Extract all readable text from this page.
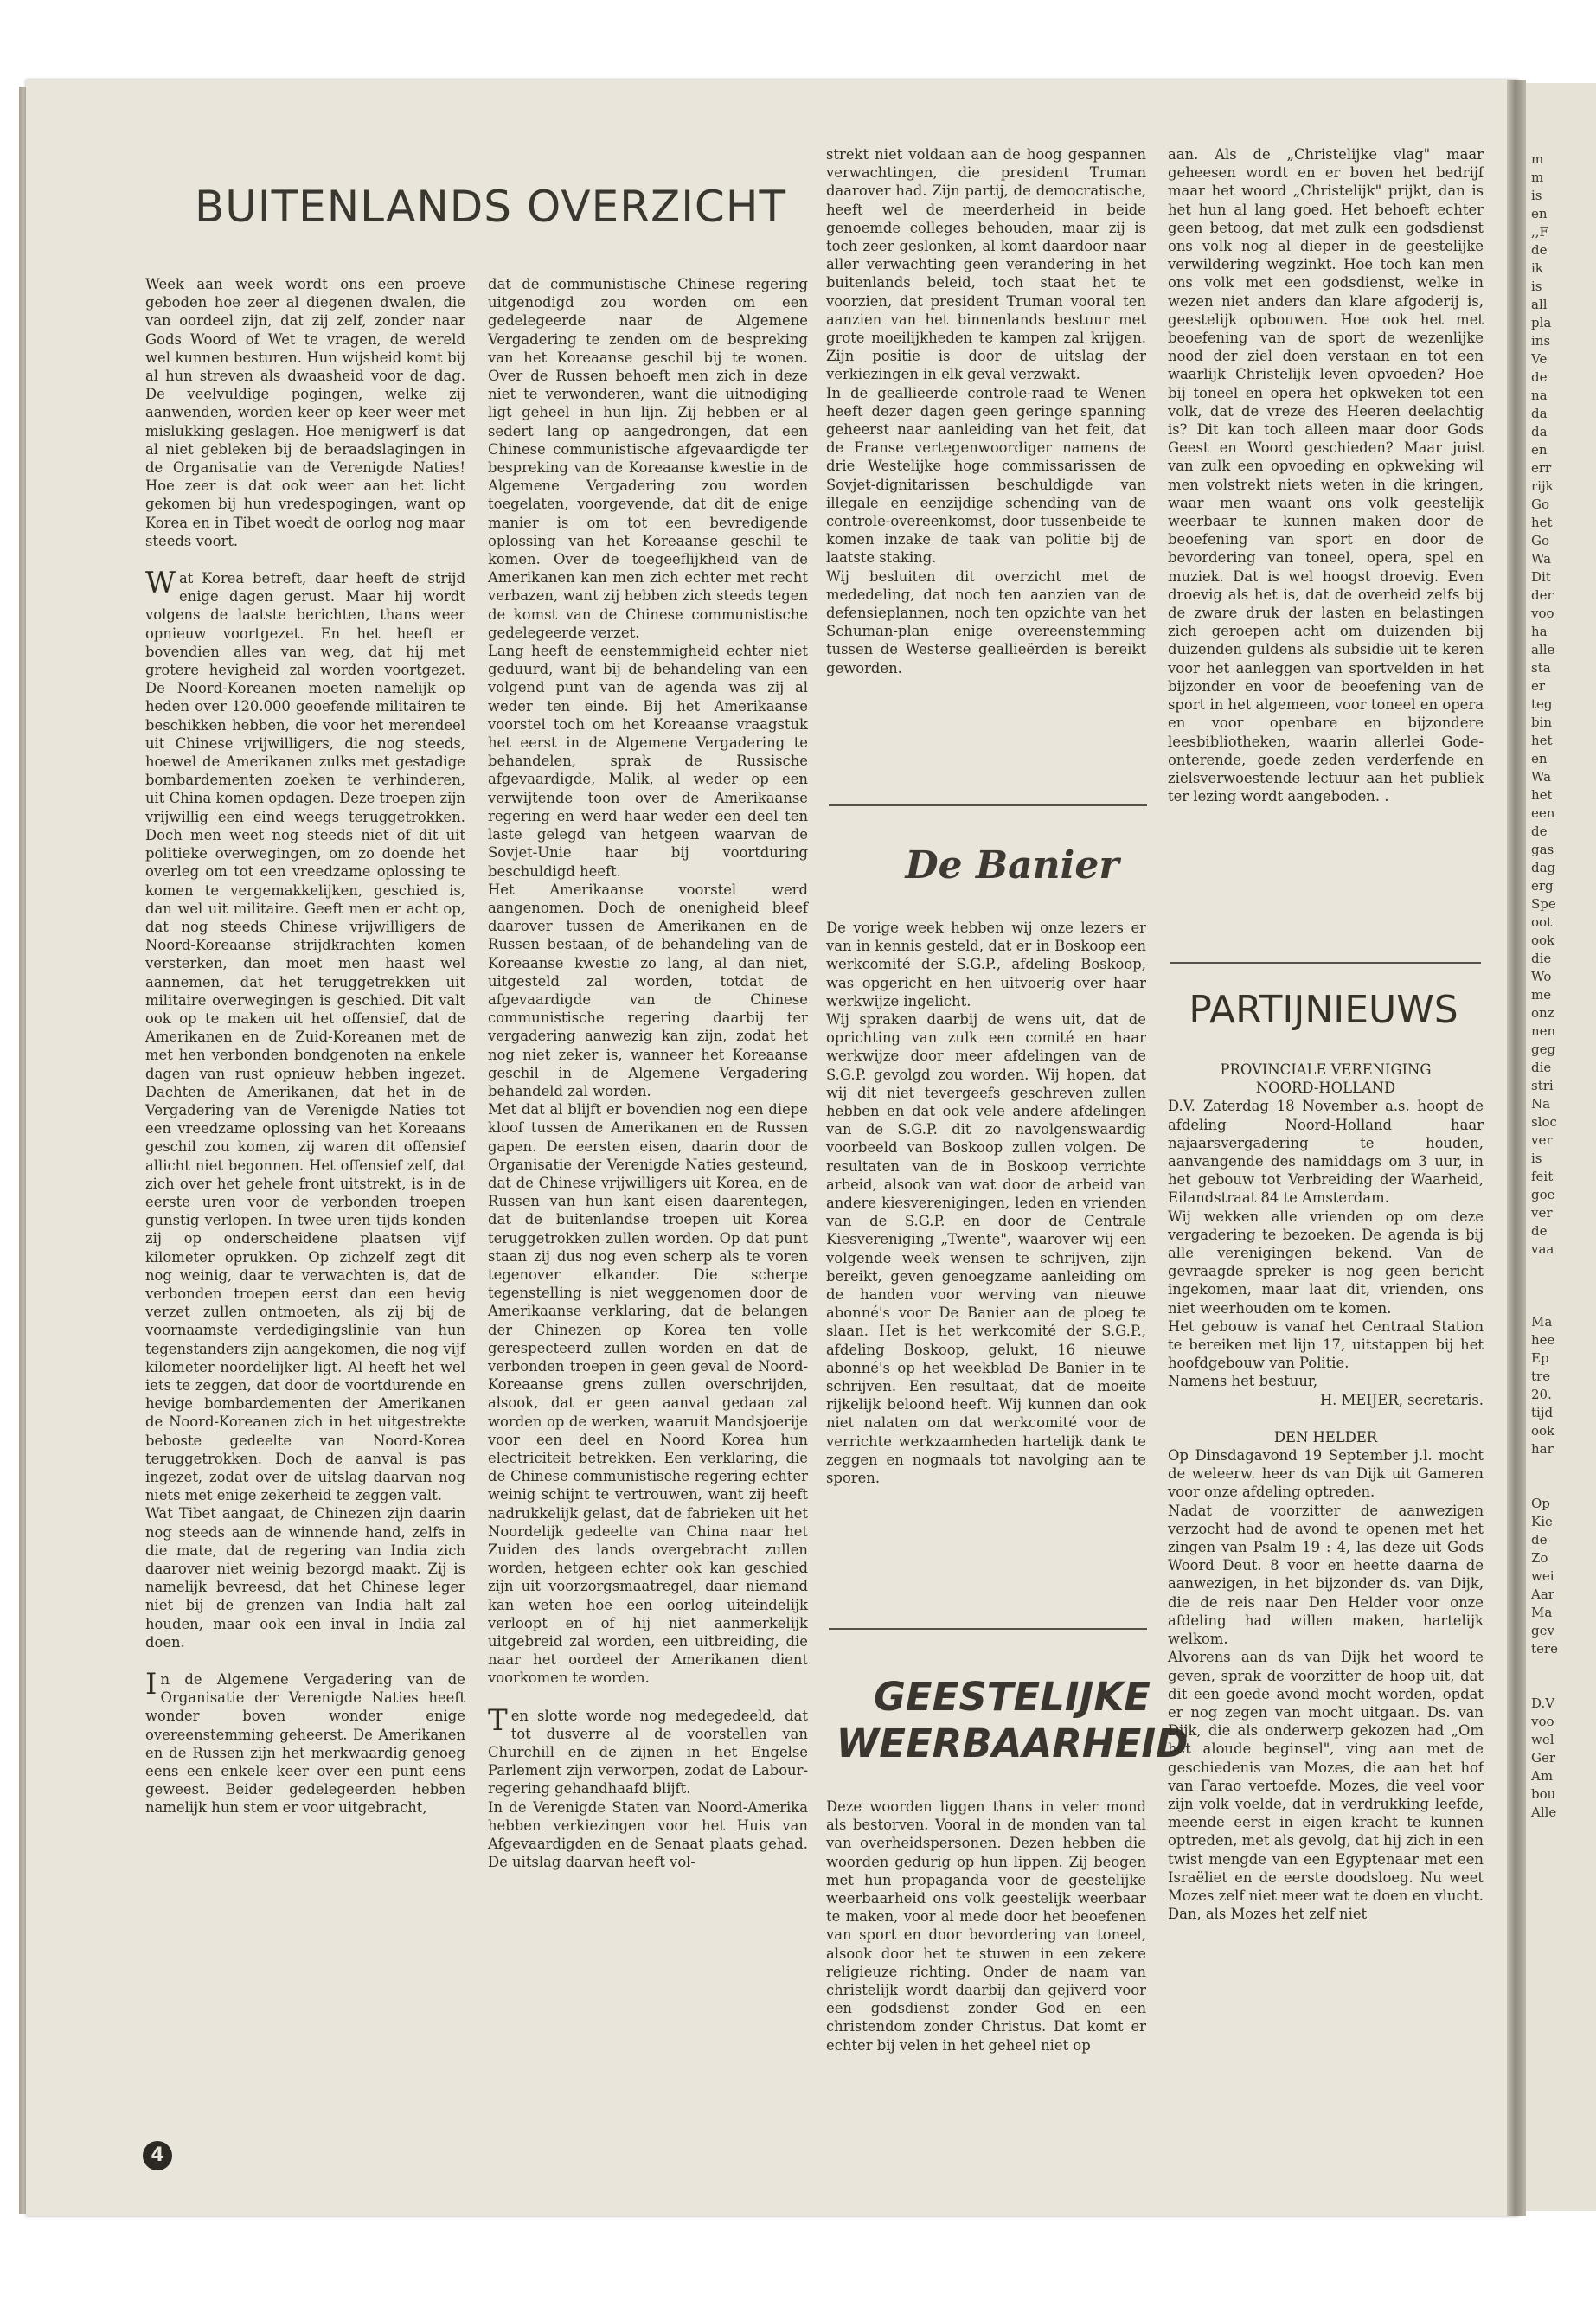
BUITENLANDS OVERZICHT

Week aan week wordt ons een proeve geboden hoe zeer al diegenen dwalen, die van oordeel zijn, dat zij zelf, zonder naar Gods Woord of Wet te vragen, de wereld wel kunnen besturen. Hun wijsheid komt bij al hun streven als dwaasheid voor de dag. De veelvuldige pogingen, welke zij aanwenden, worden keer op keer weer met mislukking geslagen. Hoe menigwerf is dat al niet gebleken bij de beraadslagingen in de Organisatie van de Verenigde Naties! Hoe zeer is dat ook weer aan het licht gekomen bij hun vredespogingen, want op Korea en in Tibet woedt de oorlog nog maar steeds voort.

Wat Korea betreft, daar heeft de strijd enige dagen gerust. Maar hij wordt volgens de laatste berichten, thans weer opnieuw voortgezet. En het heeft er bovendien alles van weg, dat hij met grotere hevigheid zal worden voortgezet. De Noord-Koreanen moeten namelijk op heden over 120.000 geoefende militairen te beschikken hebben, die voor het merendeel uit Chinese vrijwilligers, die nog steeds, hoewel de Amerikanen zulks met gestadige bombardementen zoeken te verhinderen, uit China komen opdagen. Deze troepen zijn vrijwillig een eind weegs teruggetrokken. Doch men weet nog steeds niet of dit uit politieke overwegingen, om zo doende het overleg om tot een vreedzame oplossing te komen te vergemakkelijken, geschied is, dan wel uit militaire. Geeft men er acht op, dat nog steeds Chinese vrijwilligers de Noord-Koreaanse strijdkrachten komen versterken, dan moet men haast wel aannemen, dat het teruggetrekken uit militaire overwegingen is geschied. Dit valt ook op te maken uit het offensief, dat de Amerikanen en de Zuid-Koreanen met de met hen verbonden bondgenoten na enkele dagen van rust opnieuw hebben ingezet. Dachten de Amerikanen, dat het in de Vergadering van de Verenigde Naties tot een vreedzame oplossing van het Koreaans geschil zou komen, zij waren dit offensief allicht niet begonnen. Het offensief zelf, dat zich over het gehele front uitstrekt, is in de eerste uren voor de verbonden troepen gunstig verlopen. In twee uren tijds konden zij op onderscheidene plaatsen vijf kilometer oprukken. Op zichzelf zegt dit nog weinig, daar te verwachten is, dat de verbonden troepen eerst dan een hevig verzet zullen ontmoeten, als zij bij de voornaamste verdedigingslinie van hun tegenstanders zijn aangekomen, die nog vijf kilometer noordelijker ligt. Al heeft het wel iets te zeggen, dat door de voortdurende en hevige bombardementen der Amerikanen de Noord-Koreanen zich in het uitgestrekte beboste gedeelte van Noord-Korea teruggetrokken. Doch de aanval is pas ingezet, zodat over de uitslag daarvan nog niets met enige zekerheid te zeggen valt.

Wat Tibet aangaat, de Chinezen zijn daarin nog steeds aan de winnende hand, zelfs in die mate, dat de regering van India zich daarover niet weinig bezorgd maakt. Zij is namelijk bevreesd, dat het Chinese leger niet bij de grenzen van India halt zal houden, maar ook een inval in India zal doen.

In de Algemene Vergadering van de Organisatie der Verenigde Naties heeft wonder boven wonder enige overeenstemming geheerst. De Amerikanen en de Russen zijn het merkwaardig genoeg eens een enkele keer over een punt eens geweest. Beider gedelegeerden hebben namelijk hun stem er voor uitgebracht,

dat de communistische Chinese regering uitgenodigd zou worden om een gedelegeerde naar de Algemene Vergadering te zenden om de bespreking van het Koreaanse geschil bij te wonen. Over de Russen behoeft men zich in deze niet te verwonderen, want die uitnodiging ligt geheel in hun lijn. Zij hebben er al sedert lang op aangedrongen, dat een Chinese communistische afgevaardigde ter bespreking van de Koreaanse kwestie in de Algemene Vergadering zou worden toegelaten, voorgevende, dat dit de enige manier is om tot een bevredigende oplossing van het Koreaanse geschil te komen. Over de toegeeflijkheid van de Amerikanen kan men zich echter met recht verbazen, want zij hebben zich steeds tegen de komst van de Chinese communistische gedelegeerde verzet.

Lang heeft de eenstemmigheid echter niet geduurd, want bij de behandeling van een volgend punt van de agenda was zij al weder ten einde. Bij het Amerikaanse voorstel toch om het Koreaanse vraagstuk het eerst in de Algemene Vergadering te behandelen, sprak de Russische afgevaardigde, Malik, al weder op een verwijtende toon over de Amerikaanse regering en werd haar weder een deel ten laste gelegd van hetgeen waarvan de Sovjet-Unie haar bij voortduring beschuldigd heeft.

Het Amerikaanse voorstel werd aangenomen. Doch de onenigheid bleef daarover tussen de Amerikanen en de Russen bestaan, of de behandeling van de Koreaanse kwestie zo lang, al dan niet, uitgesteld zal worden, totdat de afgevaardigde van de Chinese communistische regering daarbij ter vergadering aanwezig kan zijn, zodat het nog niet zeker is, wanneer het Koreaanse geschil in de Algemene Vergadering behandeld zal worden.

Met dat al blijft er bovendien nog een diepe kloof tussen de Amerikanen en de Russen gapen. De eersten eisen, daarin door de Organisatie der Verenigde Naties gesteund, dat de Chinese vrijwilligers uit Korea, en de Russen van hun kant eisen daarentegen, dat de buitenlandse troepen uit Korea teruggetrokken zullen worden. Op dat punt staan zij dus nog even scherp als te voren tegenover elkander. Die scherpe tegenstelling is niet weggenomen door de Amerikaanse verklaring, dat de belangen der Chinezen op Korea ten volle gerespecteerd zullen worden en dat de verbonden troepen in geen geval de Noord-Koreaanse grens zullen overschrijden, alsook, dat er geen aanval gedaan zal worden op de werken, waaruit Mandsjoerije voor een deel en Noord Korea hun electriciteit betrekken. Een verklaring, die de Chinese communistische regering echter weinig schijnt te vertrouwen, want zij heeft nadrukkelijk gelast, dat de fabrieken uit het Noordelijk gedeelte van China naar het Zuiden des lands overgebracht zullen worden, hetgeen echter ook kan geschied zijn uit voorzorgsmaatregel, daar niemand kan weten hoe een oorlog uiteindelijk verloopt en of hij niet aanmerkelijk uitgebreid zal worden, een uitbreiding, die naar het oordeel der Amerikanen dient voorkomen te worden.

Ten slotte worde nog medegedeeld, dat tot dusverre al de voorstellen van Churchill en de zijnen in het Engelse Parlement zijn verworpen, zodat de Labour-regering gehandhaafd blijft.

In de Verenigde Staten van Noord-Amerika hebben verkiezingen voor het Huis van Afgevaardigden en de Senaat plaats gehad. De uitslag daarvan heeft vol-

strekt niet voldaan aan de hoog gespannen verwachtingen, die president Truman daarover had. Zijn partij, de democratische, heeft wel de meerderheid in beide genoemde colleges behouden, maar zij is toch zeer geslonken, al komt daardoor naar aller verwachting geen verandering in het buitenlands beleid, toch staat het te voorzien, dat president Truman vooral ten aanzien van het binnenlands bestuur met grote moeilijkheden te kampen zal krijgen. Zijn positie is door de uitslag der verkiezingen in elk geval verzwakt.

In de geallieerde controle-raad te Wenen heeft dezer dagen geen geringe spanning geheerst naar aanleiding van het feit, dat de Franse vertegenwoordiger namens de drie Westelijke hoge commissarissen de Sovjet-dignitarissen beschuldigde van illegale en eenzijdige schending van de controle-overeenkomst, door tussenbeide te komen inzake de taak van politie bij de laatste staking.

Wij besluiten dit overzicht met de mededeling, dat noch ten aanzien van de defensieplannen, noch ten opzichte van het Schuman-plan enige overeenstemming tussen de Westerse geallieërden is bereikt geworden.

De Banier

De vorige week hebben wij onze lezers er van in kennis gesteld, dat er in Boskoop een werkcomité der S.G.P., afdeling Boskoop, was opgericht en hen uitvoerig over haar werkwijze ingelicht.

Wij spraken daarbij de wens uit, dat de oprichting van zulk een comité en haar werkwijze door meer afdelingen van de S.G.P. gevolgd zou worden. Wij hopen, dat wij dit niet tevergeefs geschreven zullen hebben en dat ook vele andere afdelingen van de S.G.P. dit zo navolgenswaardig voorbeeld van Boskoop zullen volgen. De resultaten van de in Boskoop verrichte arbeid, alsook van wat door de arbeid van andere kiesverenigingen, leden en vrienden van de S.G.P. en door de Centrale Kiesvereniging „Twente", waarover wij een volgende week wensen te schrijven, zijn bereikt, geven genoegzame aanleiding om de handen voor werving van nieuwe abonné's voor De Banier aan de ploeg te slaan. Het is het werkcomité der S.G.P., afdeling Boskoop, gelukt, 16 nieuwe abonné's op het weekblad De Banier in te schrijven. Een resultaat, dat de moeite rijkelijk beloond heeft. Wij kunnen dan ook niet nalaten om dat werkcomité voor de verrichte werkzaamheden hartelijk dank te zeggen en nogmaals tot navolging aan te sporen.

GEESTELIJKE
WEERBAARHEID

Deze woorden liggen thans in veler mond als bestorven. Vooral in de monden van tal van overheidspersonen. Dezen hebben die woorden gedurig op hun lippen. Zij beogen met hun propaganda voor de geestelijke weerbaarheid ons volk geestelijk weerbaar te maken, voor al mede door het beoefenen van sport en door bevordering van toneel, alsook door het te stuwen in een zekere religieuze richting. Onder de naam van christelijk wordt daarbij dan gejiverd voor een godsdienst zonder God en een christendom zonder Christus. Dat komt er echter bij velen in het geheel niet op

aan. Als de „Christelijke vlag" maar geheesen wordt en er boven het bedrijf maar het woord „Christelijk" prijkt, dan is het hun al lang goed. Het behoeft echter geen betoog, dat met zulk een godsdienst ons volk nog al dieper in de geestelijke verwildering wegzinkt. Hoe toch kan men ons volk met een godsdienst, welke in wezen niet anders dan klare afgoderij is, geestelijk opbouwen. Hoe ook het met beoefening van de sport de wezenlijke nood der ziel doen verstaan en tot een waarlijk Christelijk leven opvoeden? Hoe bij toneel en opera het opkweken tot een volk, dat de vreze des Heeren deelachtig is? Dit kan toch alleen maar door Gods Geest en Woord geschieden? Maar juist van zulk een opvoeding en opkweking wil men volstrekt niets weten in die kringen, waar men waant ons volk geestelijk weerbaar te kunnen maken door de beoefening van sport en door de bevordering van toneel, opera, spel en muziek. Dat is wel hoogst droevig. Even droevig als het is, dat de overheid zelfs bij de zware druk der lasten en belastingen zich geroepen acht om duizenden bij duizenden guldens als subsidie uit te keren voor het aanleggen van sportvelden in het bijzonder en voor de beoefening van de sport in het algemeen, voor toneel en opera en voor openbare en bijzondere leesbibliotheken, waarin allerlei Gode-onterende, goede zeden verderfende en zielsverwoestende lectuur aan het publiek ter lezing wordt aangeboden. .

PARTIJNIEUWS

PROVINCIALE VERENIGING
NOORD-HOLLAND

D.V. Zaterdag 18 November a.s. hoopt de afdeling Noord-Holland haar najaarsvergadering te houden, aanvangende des namiddags om 3 uur, in het gebouw tot Verbreiding der Waarheid, Eilandstraat 84 te Amsterdam.

Wij wekken alle vrienden op om deze vergadering te bezoeken. De agenda is bij alle verenigingen bekend. Van de gevraagde spreker is nog geen bericht ingekomen, maar laat dit, vrienden, ons niet weerhouden om te komen.

Het gebouw is vanaf het Centraal Station te bereiken met lijn 17, uitstappen bij het hoofdgebouw van Politie.

Namens het bestuur,

H. MEIJER, secretaris.

DEN HELDER

Op Dinsdagavond 19 September j.l. mocht de weleerw. heer ds van Dijk uit Gameren voor onze afdeling optreden.

Nadat de voorzitter de aanwezigen verzocht had de avond te openen met het zingen van Psalm 19 : 4, las deze uit Gods Woord Deut. 8 voor en heette daarna de aanwezigen, in het bijzonder ds. van Dijk, die de reis naar Den Helder voor onze afdeling had willen maken, hartelijk welkom.

Alvorens aan ds van Dijk het woord te geven, sprak de voorzitter de hoop uit, dat dit een goede avond mocht worden, opdat er nog zegen van mocht uitgaan. Ds. van Dijk, die als onderwerp gekozen had „Om het aloude beginsel", ving aan met de geschiedenis van Mozes, die aan het hof van Farao vertoefde. Mozes, die veel voor zijn volk voelde, dat in verdrukking leefde, meende eerst in eigen kracht te kunnen optreden, met als gevolg, dat hij zich in een twist mengde van een Egyptenaar met een Israëliet en de eerste doodsloeg. Nu weet Mozes zelf niet meer wat te doen en vlucht. Dan, als Mozes het zelf niet

4
m
m
is
en
,,F
de
ik
is
all
pla
ins
Ve
de
na
da
da
en
err
rijk
Go
het
Go
Wa
Dit
der
voo
ha
alle
sta
er
teg
bin
het
en
Wa
het
een
de
gas
dag
erg
Spe
oot
ook
die
Wo
me
onz
nen
geg
die
stri
Na
sloc
ver
is
feit
goe
ver
de
vaa

Ma
hee
Ep
tre
20.
tijd
ook
har

Op
Kie
de
Zo
wei
Aar
Ma
gev
tere

D.V
voo
wel
Ger
Am
bou
Alle
